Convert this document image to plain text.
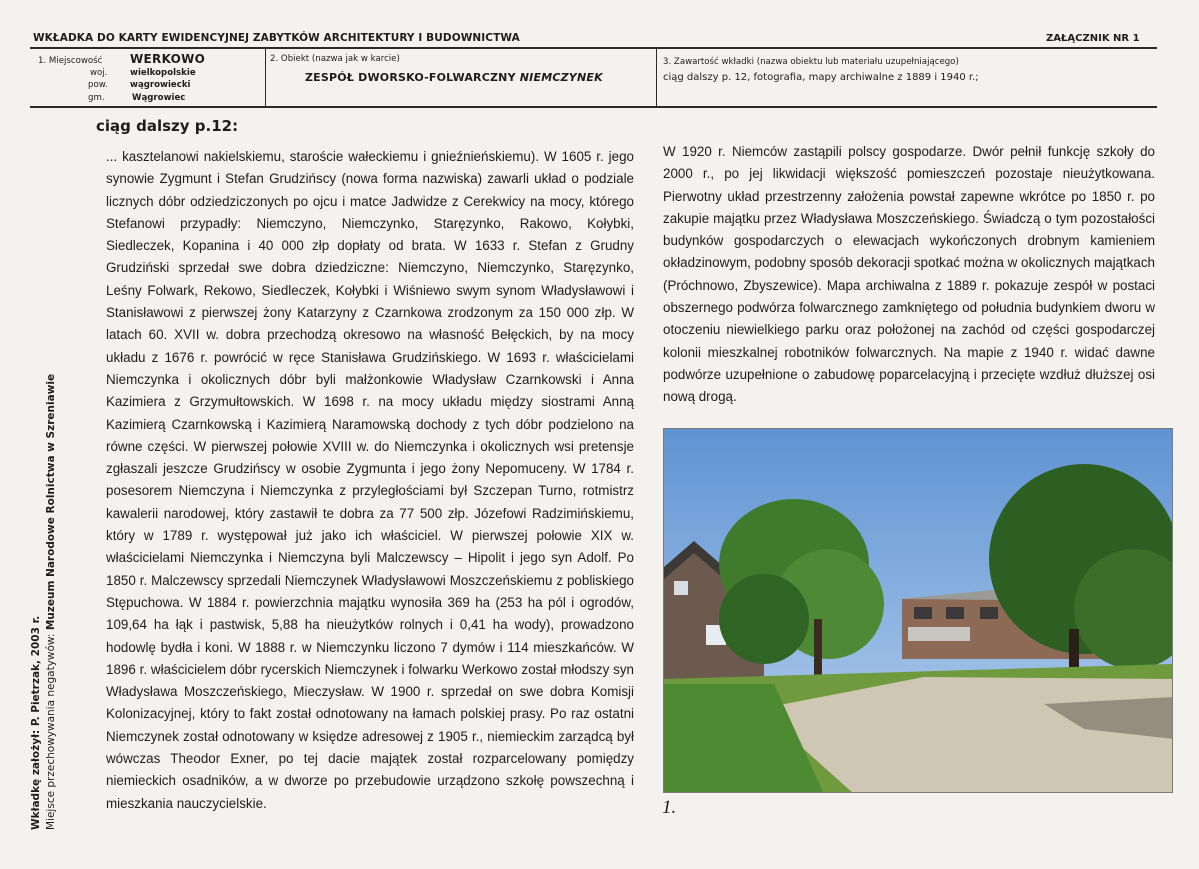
WKŁADKA DO KARTY EWIDENCYJNEJ ZABYTKÓW ARCHITEKTURY I BUDOWNICTWA	ZAŁĄCZNIK NR 1
1. Miejscowość WERKOWO
woj.	wielkopolskie
pow.	wągrowiecki
gm.	Wągrowiec
2. Obiekt (nazwa jak w karcie)
ZESPÓŁ DWORSKO-FOLWARCZNY NIEMCZYNEK
3. Zawartość wkładki (nazwa obiektu lub materiału uzupełniającego)
ciąg dalszy p. 12, fotografia, mapy archiwalne z 1889 i 1940 r.;
ciąg dalszy p.12:
... kasztelanowi nakielskiemu, staroście wałeckiemu i gnieźnieńskiemu). W 1605 r. jego synowie Zygmunt i Stefan Grudzińscy (nowa forma nazwiska) zawarli układ o podziale licznych dóbr odziedziczonych po ojcu i matce Jadwidze z Cerekwicy na mocy, którego Stefanowi przypadły: Niemczyno, Niemczynko, Staręzynko, Rakowo, Kołybki, Siedleczek, Kopanina i 40 000 złp dopłaty od brata. W 1633 r. Stefan z Grudny Grudziński sprzedał swe dobra dziedziczne: Niemczyno, Niemczynko, Staręzynko, Leśny Folwark, Rekowo, Siedleczek, Kołybki i Wiśniewo swym synom Władysławowi i Stanisławowi z pierwszej żony Katarzyny z Czarnkowa zrodzonym za 150 000 złp. W latach 60. XVII w. dobra przechodzą okresowo na własność Bełęckich, by na mocy układu z 1676 r. powrócić w ręce Stanisława Grudzińskiego. W 1693 r. właścicielami Niemczynka i okolicznych dóbr byli małżonkowie Władysław Czarnkowski i Anna Kazimiera z Grzymułtowskich. W 1698 r. na mocy układu między siostrami Anną Kazimierą Czarnkowską i Kazimierą Naramowską dochody z tych dóbr podzielono na równe części. W pierwszej połowie XVIII w. do Niemczynka i okolicznych wsi pretensje zgłaszali jeszcze Grudzińscy w osobie Zygmunta i jego żony Nepomuceny. W 1784 r. posesorem Niemczyna i Niemczynka z przyległościami był Szczepan Turno, rotmistrz kawalerii narodowej, który zastawił te dobra za 77 500 złp. Józefowi Radzimińskiemu, który w 1789 r. występował już jako ich właściciel. W pierwszej połowie XIX w. właścicielami Niemczynka i Niemczyna byli Malczewscy – Hipolit i jego syn Adolf. Po 1850 r. Malczewscy sprzedali Niemczynek Władysławowi Moszczeńskiemu z pobliskiego Stępuchowa. W 1884 r. powierzchnia majątku wynosiła 369 ha (253 ha pól i ogrodów, 109,64 ha łąk i pastwisk, 5,88 ha nieużytków rolnych i 0,41 ha wody), prowadzono hodowlę bydła i koni. W 1888 r. w Niemczynku liczono 7 dymów i 114 mieszkańców. W 1896 r. właścicielem dóbr rycerskich Niemczynek i folwarku Werkowo został młodszy syn Władysława Moszczeńskiego, Mieczysław. W 1900 r. sprzedał on swe dobra Komisji Kolonizacyjnej, który to fakt został odnotowany na łamach polskiej prasy. Po raz ostatni Niemczynek został odnotowany w księdze adresowej z 1905 r., niemieckim zarządcą był wówczas Theodor Exner, po tej dacie majątek został rozparcelowany pomiędzy niemieckich osadników, a w dworze po przebudowie urządzono szkołę powszechną i mieszkania nauczycielskie.
W 1920 r. Niemców zastąpili polscy gospodarze. Dwór pełnił funkcję szkoły do 2000 r., po jej likwidacji większość pomieszczeń pozostaje nieużytkowana. Pierwotny układ przestrzenny założenia powstał zapewne wkrótce po 1850 r. po zakupie majątku przez Władysława Moszczeńskiego. Świadczą o tym pozostałości budynków gospodarczych o elewacjach wykończonych drobnym kamieniem okładzinowym, podobny sposób dekoracji spotkać można w okolicznych majątkach (Próchnowo, Zbyszewice). Mapa archiwalna z 1889 r. pokazuje zespół w postaci obszernego podwórza folwarcznego zamkniętego od południa budynkiem dworu w otoczeniu niewielkiego parku oraz położonej na zachód od części gospodarczej kolonii mieszkalnej robotników folwarcznych. Na mapie z 1940 r. widać dawne podwórze uzupełnione o zabudowę poparcelacyjną i przecięte wzdłuż dłuższej osi nową drogą.
1.
Wkładkę założył: P. Pietrzak, 2003 r. Miejsce przechowywania negatywów: Muzeum Narodowe Rolnictwa w Szreniawie
